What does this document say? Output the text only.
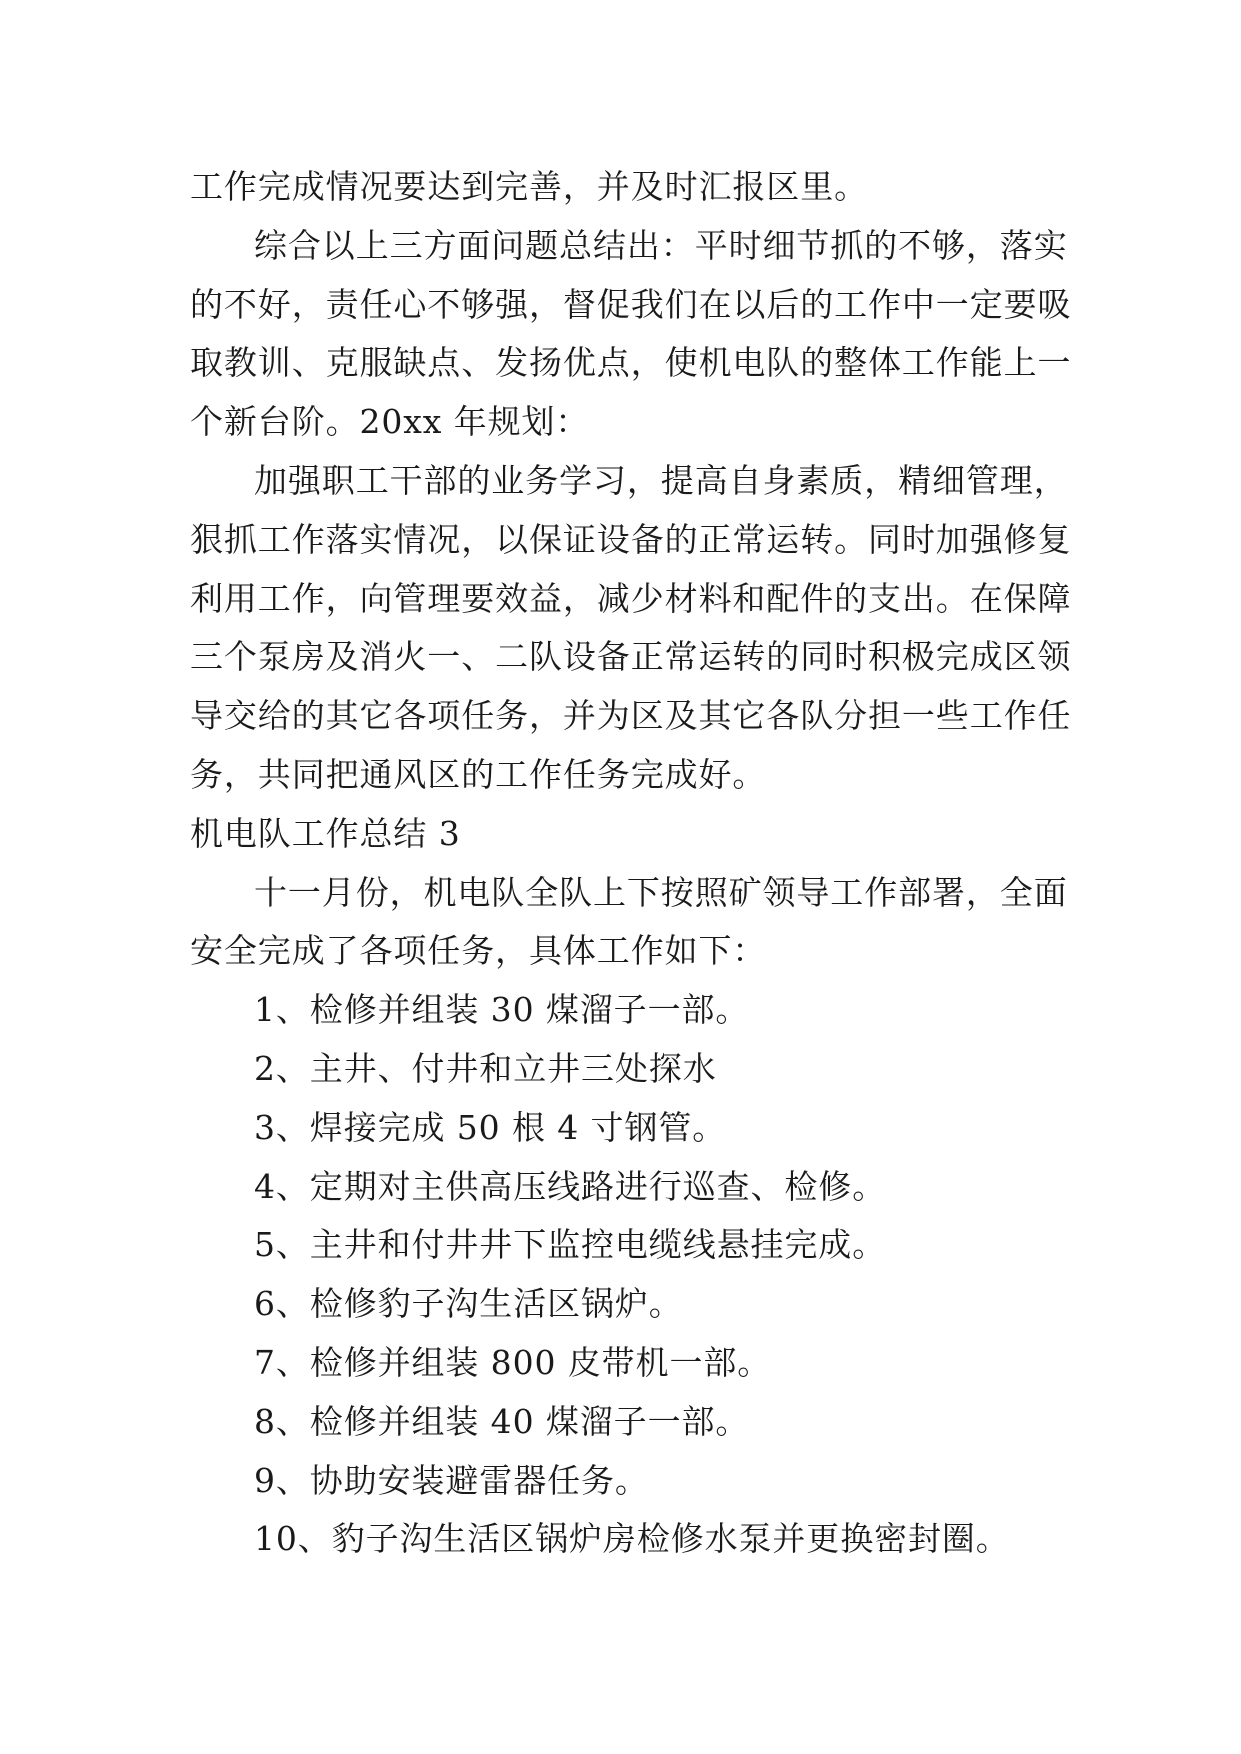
工作完成情况要达到完善，并及时汇报区里。
综合以上三方面问题总结出：平时细节抓的不够，落实
的不好，责任心不够强，督促我们在以后的工作中一定要吸
取教训、克服缺点、发扬优点，使机电队的整体工作能上一
个新台阶。20xx 年规划：
加强职工干部的业务学习，提高自身素质，精细管理，
狠抓工作落实情况，以保证设备的正常运转。同时加强修复
利用工作，向管理要效益，减少材料和配件的支出。在保障
三个泵房及消火一、二队设备正常运转的同时积极完成区领
导交给的其它各项任务，并为区及其它各队分担一些工作任
务，共同把通风区的工作任务完成好。
机电队工作总结 3
十一月份，机电队全队上下按照矿领导工作部署，全面
安全完成了各项任务，具体工作如下：
1、检修并组装 30 煤溜子一部。
2、主井、付井和立井三处探水
3、焊接完成 50 根 4 寸钢管。
4、定期对主供高压线路进行巡查、检修。
5、主井和付井井下监控电缆线悬挂完成。
6、检修豹子沟生活区锅炉。
7、检修并组装 800 皮带机一部。
8、检修并组装 40 煤溜子一部。
9、协助安装避雷器任务。
10、豹子沟生活区锅炉房检修水泵并更换密封圈。
